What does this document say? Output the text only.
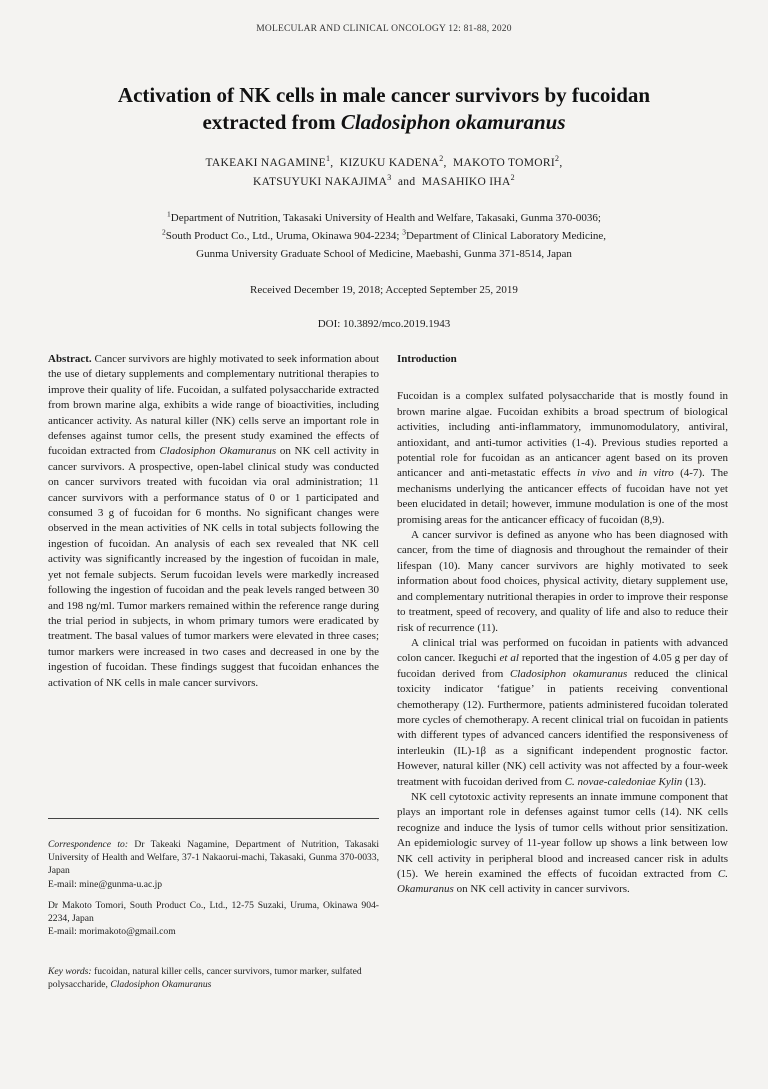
MOLECULAR AND CLINICAL ONCOLOGY 12: 81-88, 2020
Activation of NK cells in male cancer survivors by fucoidan
extracted from Cladosiphon okamuranus
TAKEAKI NAGAMINE$^1$,  KIZUKU KADENA$^2$,  MAKOTO TOMORI$^2$,
KATSUYUKI NAKAJIMA$^3$ and MASAHIKO IHA$^2$
$^1$Department of Nutrition, Takasaki University of Health and Welfare, Takasaki, Gunma 370-0036;
$^2$South Product Co., Ltd., Uruma, Okinawa 904-2234; $^3$Department of Clinical Laboratory Medicine,
Gunma University Graduate School of Medicine, Maebashi, Gunma 371-8514, Japan
Received December 19, 2018; Accepted September 25, 2019
DOI: 10.3892/mco.2019.1943
Abstract. Cancer survivors are highly motivated to seek information about the use of dietary supplements and complementary nutritional therapies to improve their quality of life. Fucoidan, a sulfated polysaccharide extracted from brown marine alga, exhibits a wide range of bioactivities, including anticancer activity. As natural killer (NK) cells serve an important role in defenses against tumor cells, the present study examined the effects of fucoidan extracted from Cladosiphon Okamuranus on NK cell activity in cancer survivors. A prospective, open-label clinical study was conducted on cancer survivors treated with fucoidan via oral administration; 11 cancer survivors with a performance status of 0 or 1 participated and consumed 3 g of fucoidan for 6 months. No significant changes were observed in the mean activities of NK cells in total subjects following the ingestion of fucoidan. An analysis of each sex revealed that NK cell activity was significantly increased by the ingestion of fucoidan in male, yet not female subjects. Serum fucoidan levels were markedly increased following the ingestion of fucoidan and the peak levels ranged between 30 and 198 ng/ml. Tumor markers remained within the reference range during the trial period in subjects, in whom primary tumors were eradicated by treatment. The basal values of tumor markers were elevated in three cases; tumor markers were increased in two cases and decreased in one by the ingestion of fucoidan. These findings suggest that fucoidan enhances the activation of NK cells in male cancer survivors.

Correspondence to: Dr Takeaki Nagamine, Department of Nutrition, Takasaki University of Health and Welfare, 37-1 Nakaorui-machi, Takasaki, Gunma 370-0033, Japan
E-mail: mine@gunma-u.ac.jp

Dr Makoto Tomori, South Product Co., Ltd., 12-75 Suzaki, Uruma, Okinawa 904-2234, Japan
E-mail: morimakoto@gmail.com

Key words: fucoidan, natural killer cells, cancer survivors, tumor marker, sulfated polysaccharide, Cladosiphon Okamuranus
Introduction

Fucoidan is a complex sulfated polysaccharide that is mostly found in brown marine algae. Fucoidan exhibits a broad spectrum of biological activities, including anti-inflammatory, immunomodulatory, antiviral, antioxidant, and anti-tumor activities (1-4). Previous studies reported a potential role for fucoidan as an anticancer agent based on its proven anticancer and anti-metastatic effects in vivo and in vitro (4-7). The mechanisms underlying the anticancer effects of fucoidan have not yet been elucidated in detail; however, immune modulation is one of the most promising areas for the anticancer efficacy of fucoidan (8,9).

A cancer survivor is defined as anyone who has been diagnosed with cancer, from the time of diagnosis and throughout the remainder of their lifespan (10). Many cancer survivors are highly motivated to seek information about food choices, physical activity, dietary supplement use, and complementary nutritional therapies in order to improve their response to treatment, speed of recovery, and quality of life and also to reduce their risk of recurrence (11).

A clinical trial was performed on fucoidan in patients with advanced colon cancer. Ikeguchi et al reported that the ingestion of 4.05 g per day of fucoidan derived from Cladosiphon okamuranus reduced the clinical toxicity indicator ‘fatigue’ in patients receiving conventional chemotherapy (12). Furthermore, patients administered fucoidan tolerated more cycles of chemotherapy. A recent clinical trial on fucoidan in patients with different types of advanced cancers identified the responsiveness of interleukin (IL)-1β as a significant independent prognostic factor. However, natural killer (NK) cell activity was not affected by a four-week treatment with fucoidan derived from C. novae-caledoniae Kylin (13).

NK cell cytotoxic activity represents an innate immune component that plays an important role in defenses against tumor cells (14). NK cells recognize and induce the lysis of tumor cells without prior sensitization. An epidemiologic survey of 11-year follow up shows a link between low NK cell activity in peripheral blood and increased cancer risk in adults (15). We herein examined the effects of fucoidan extracted from C. Okamuranus on NK cell activity in cancer survivors.
